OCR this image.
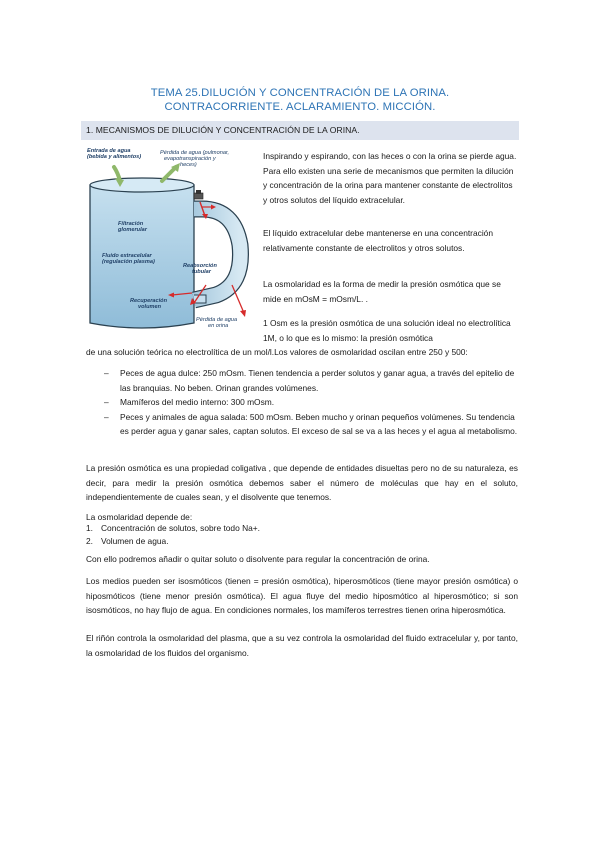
TEMA 25.DILUCIÓN Y CONCENTRACIÓN DE LA ORINA.
CONTRACORRIENTE. ACLARAMIENTO. MICCIÓN.
1. MECANISMOS DE DILUCIÓN Y CONCENTRACIÓN DE LA ORINA.
Entrada de agua (bebida y alimentos)
Pérdida de agua (pulmonar, evapotranspiración y heces)
Filtración glomerular
Fluido extracelular (regulación plasma)
Reabsorción tubular
Recuperación volumen
Pérdida de agua en orina

Inspirando y espirando, con las heces o con la orina se pierde agua. Para ello existen una serie de mecanismos que permiten la dilución y concentración de la orina para mantener constante de electrolitos y otros solutos del líquido extracelular.

El líquido extracelular debe mantenerse en una concentración relativamente constante de electrolitos y otros solutos.

La osmolaridad es la forma de medir la presión osmótica que se mide en mOsM = mOsm/L. .

1 Osm es la presión osmótica de una solución ideal no electrolítica 1M, o lo que es lo mismo: la presión osmótica

de una solución teórica no electrolítica de un mol/l.Los valores de osmolaridad oscilan entre 250 y 500:

– Peces de agua dulce: 250 mOsm. Tienen tendencia a perder solutos y ganar agua, a través del epitelio de las branquias. No beben. Orinan grandes volúmenes.
– Mamíferos del medio interno: 300 mOsm.
– Peces y animales de agua salada: 500 mOsm. Beben mucho y orinan pequeños volúmenes. Su tendencia es perder agua y ganar sales, captan solutos. El exceso de sal se va a las heces y el agua al metabolismo.

La presión osmótica es una propiedad coligativa , que depende de entidades disueltas pero no de su naturaleza, es decir, para medir la presión osmótica debemos saber el número de moléculas que hay en el soluto, independientemente de cuales sean, y el disolvente que tenemos.

La osmolaridad depende de:

1. Concentración de solutos, sobre todo Na+.
2. Volumen de agua.

Con ello podremos añadir o quitar soluto o disolvente para regular la concentración de orina.

Los medios pueden ser isosmóticos (tienen = presión osmótica), hiperosmóticos (tiene mayor presión osmótica) o hiposmóticos (tiene menor presión osmótica). El agua fluye del medio hiposmótico al hiperosmótico; si son isosmóticos, no hay flujo de agua. En condiciones normales, los mamíferos terrestres tienen orina hiperosmótica.

El riñón controla la osmolaridad del plasma, que a su vez controla la osmolaridad del fluido extracelular y, por tanto, la osmolaridad de los fluidos del organismo.
